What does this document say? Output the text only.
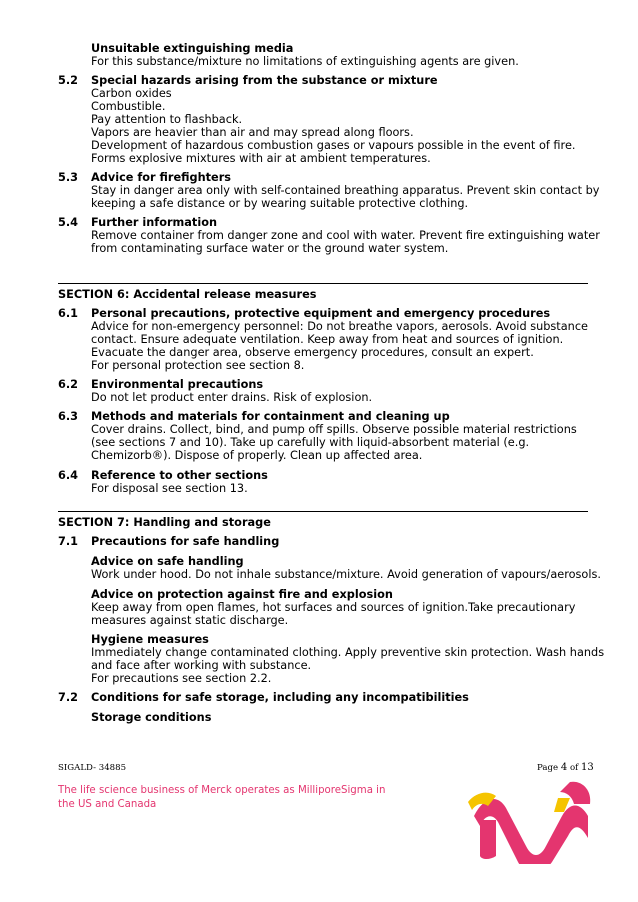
Unsuitable extinguishing media
For this substance/mixture no limitations of extinguishing agents are given.
5.2 Special hazards arising from the substance or mixture
Carbon oxides
Combustible.
Pay attention to flashback.
Vapors are heavier than air and may spread along floors.
Development of hazardous combustion gases or vapours possible in the event of fire.
Forms explosive mixtures with air at ambient temperatures.
5.3 Advice for firefighters
Stay in danger area only with self-contained breathing apparatus. Prevent skin contact by
keeping a safe distance or by wearing suitable protective clothing.
5.4 Further information
Remove container from danger zone and cool with water. Prevent fire extinguishing water
from contaminating surface water or the ground water system.
SECTION 6: Accidental release measures
6.1 Personal precautions, protective equipment and emergency procedures
Advice for non-emergency personnel: Do not breathe vapors, aerosols. Avoid substance
contact. Ensure adequate ventilation. Keep away from heat and sources of ignition.
Evacuate the danger area, observe emergency procedures, consult an expert.
For personal protection see section 8.
6.2 Environmental precautions
Do not let product enter drains. Risk of explosion.
6.3 Methods and materials for containment and cleaning up
Cover drains. Collect, bind, and pump off spills. Observe possible material restrictions
(see sections 7 and 10). Take up carefully with liquid-absorbent material (e.g.
Chemizorb®). Dispose of properly. Clean up affected area.
6.4 Reference to other sections
For disposal see section 13.
SECTION 7: Handling and storage
7.1 Precautions for safe handling
Advice on safe handling
Work under hood. Do not inhale substance/mixture. Avoid generation of vapours/aerosols.
Advice on protection against fire and explosion
Keep away from open flames, hot surfaces and sources of ignition.Take precautionary
measures against static discharge.
Hygiene measures
Immediately change contaminated clothing. Apply preventive skin protection. Wash hands
and face after working with substance.
For precautions see section 2.2.
7.2 Conditions for safe storage, including any incompatibilities
Storage conditions
SIGALD- 34885	Page 4 of 13
The life science business of Merck operates as MilliporeSigma in
the US and Canada
